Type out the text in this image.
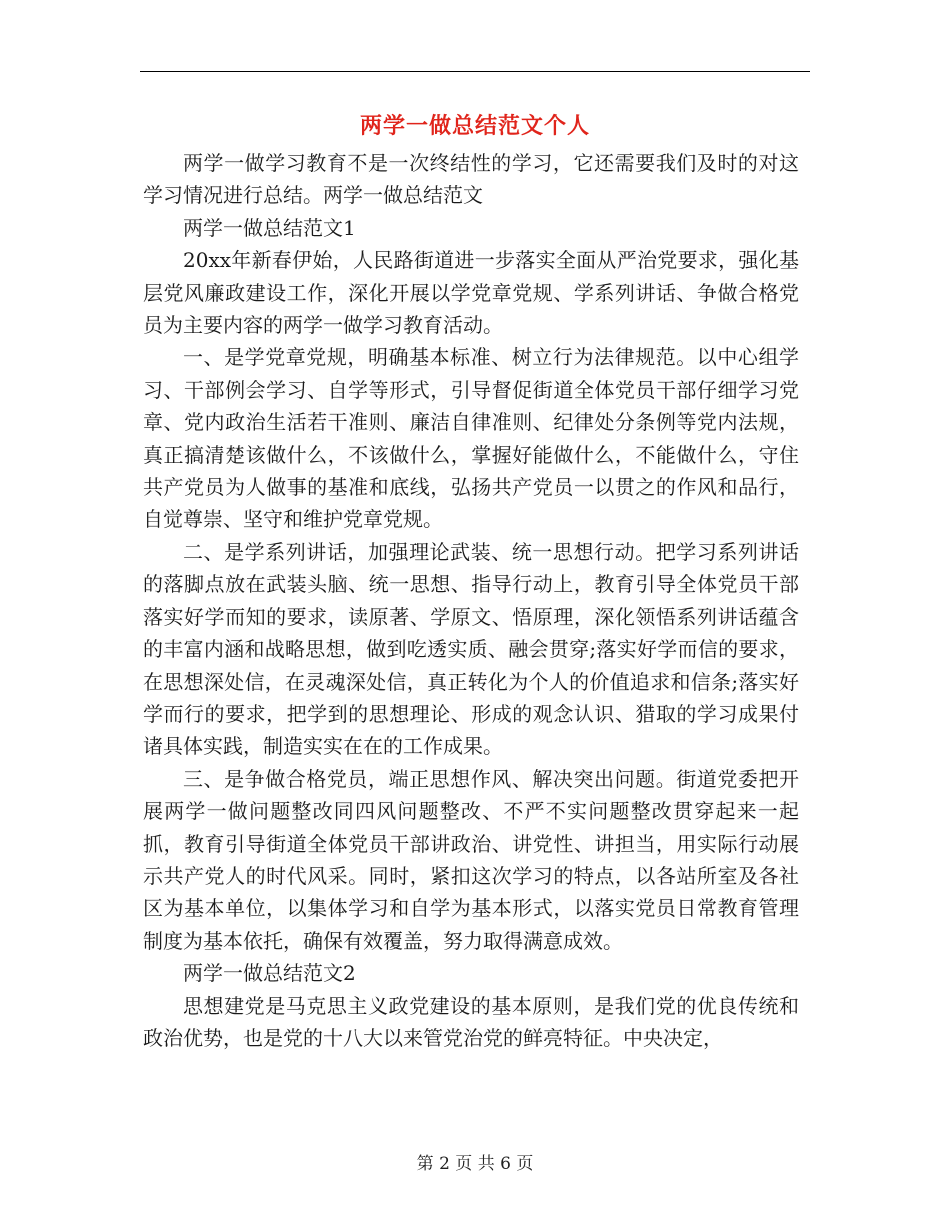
两学一做总结范文个人

两学一做学习教育不是一次终结性的学习，它还需要我们及时的对这学习情况进行总结。两学一做总结范文

两学一做总结范文1

20xx年新春伊始，人民路街道进一步落实全面从严治党要求，强化基层党风廉政建设工作，深化开展以学党章党规、学系列讲话、争做合格党员为主要内容的两学一做学习教育活动。

一、是学党章党规，明确基本标准、树立行为法律规范。以中心组学习、干部例会学习、自学等形式，引导督促街道全体党员干部仔细学习党章、党内政治生活若干准则、廉洁自律准则、纪律处分条例等党内法规，真正搞清楚该做什么，不该做什么，掌握好能做什么，不能做什么，守住共产党员为人做事的基准和底线，弘扬共产党员一以贯之的作风和品行，自觉尊崇、坚守和维护党章党规。

二、是学系列讲话，加强理论武装、统一思想行动。把学习系列讲话的落脚点放在武装头脑、统一思想、指导行动上，教育引导全体党员干部落实好学而知的要求，读原著、学原文、悟原理，深化领悟系列讲话蕴含的丰富内涵和战略思想，做到吃透实质、融会贯穿;落实好学而信的要求，在思想深处信，在灵魂深处信，真正转化为个人的价值追求和信条;落实好学而行的要求，把学到的思想理论、形成的观念认识、猎取的学习成果付诸具体实践，制造实实在在的工作成果。

三、是争做合格党员，端正思想作风、解决突出问题。街道党委把开展两学一做问题整改同四风问题整改、不严不实问题整改贯穿起来一起抓，教育引导街道全体党员干部讲政治、讲党性、讲担当，用实际行动展示共产党人的时代风采。同时，紧扣这次学习的特点，以各站所室及各社区为基本单位，以集体学习和自学为基本形式，以落实党员日常教育管理制度为基本依托，确保有效覆盖，努力取得满意成效。

两学一做总结范文2

思想建党是马克思主义政党建设的基本原则，是我们党的优良传统和政治优势，也是党的十八大以来管党治党的鲜亮特征。中央决定，

第 2 页 共 6 页
